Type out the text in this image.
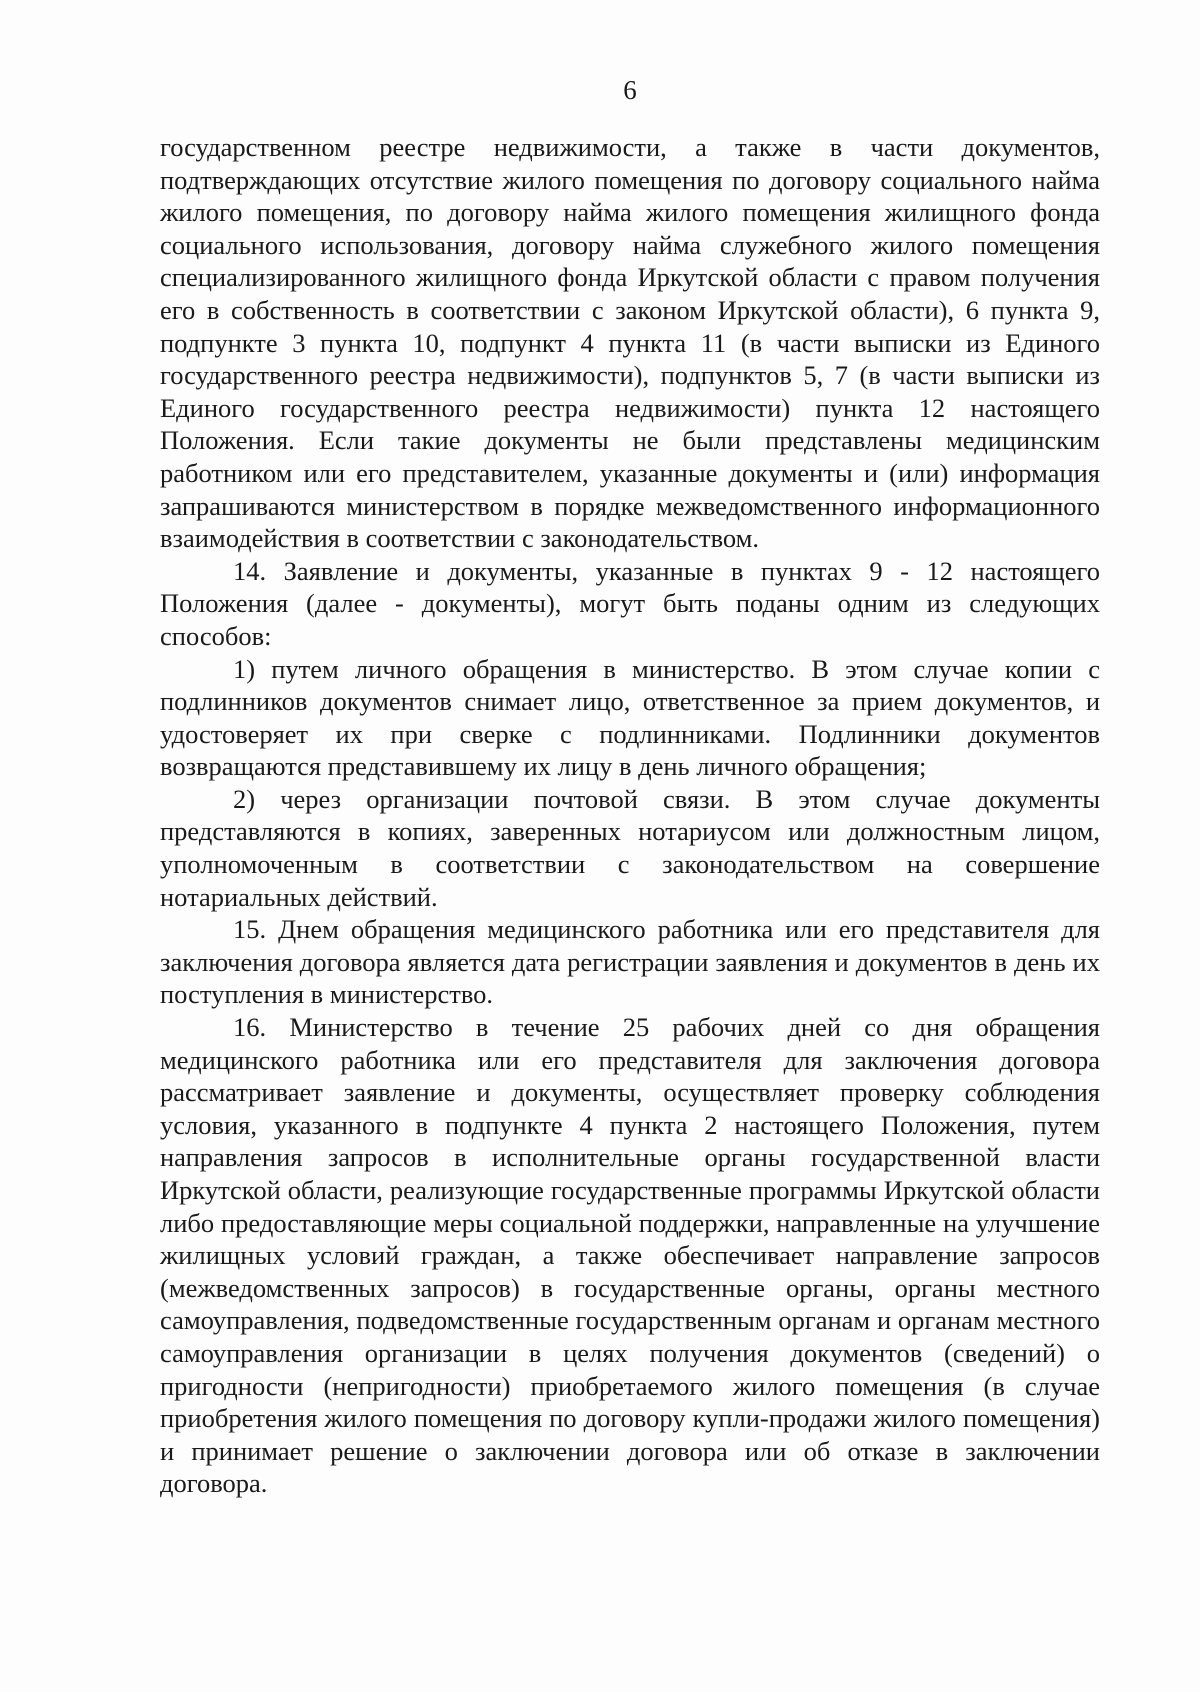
6

государственном реестре недвижимости, а также в части документов, подтверждающих отсутствие жилого помещения по договору социального найма жилого помещения, по договору найма жилого помещения жилищного фонда социального использования, договору найма служебного жилого помещения специализированного жилищного фонда Иркутской области с правом получения его в собственность в соответствии с законом Иркутской области), 6 пункта 9, подпункте 3 пункта 10, подпункт 4 пункта 11 (в части выписки из Единого государственного реестра недвижимости), подпунктов 5, 7 (в части выписки из Единого государственного реестра недвижимости) пункта 12 настоящего Положения. Если такие документы не были представлены медицинским работником или его представителем, указанные документы и (или) информация запрашиваются министерством в порядке межведомственного информационного взаимодействия в соответствии с законодательством.

14. Заявление и документы, указанные в пунктах 9 - 12 настоящего Положения (далее - документы), могут быть поданы одним из следующих способов:

1) путем личного обращения в министерство. В этом случае копии с подлинников документов снимает лицо, ответственное за прием документов, и удостоверяет их при сверке с подлинниками. Подлинники документов возвращаются представившему их лицу в день личного обращения;

2) через организации почтовой связи. В этом случае документы представляются в копиях, заверенных нотариусом или должностным лицом, уполномоченным в соответствии с законодательством на совершение нотариальных действий.

15. Днем обращения медицинского работника или его представителя для заключения договора является дата регистрации заявления и документов в день их поступления в министерство.

16. Министерство в течение 25 рабочих дней со дня обращения медицинского работника или его представителя для заключения договора рассматривает заявление и документы, осуществляет проверку соблюдения условия, указанного в подпункте 4 пункта 2 настоящего Положения, путем направления запросов в исполнительные органы государственной власти Иркутской области, реализующие государственные программы Иркутской области либо предоставляющие меры социальной поддержки, направленные на улучшение жилищных условий граждан, а также обеспечивает направление запросов (межведомственных запросов) в государственные органы, органы местного самоуправления, подведомственные государственным органам и органам местного самоуправления организации в целях получения документов (сведений) о пригодности (непригодности) приобретаемого жилого помещения (в случае приобретения жилого помещения по договору купли-продажи жилого помещения) и принимает решение о заключении договора или об отказе в заключении договора.
